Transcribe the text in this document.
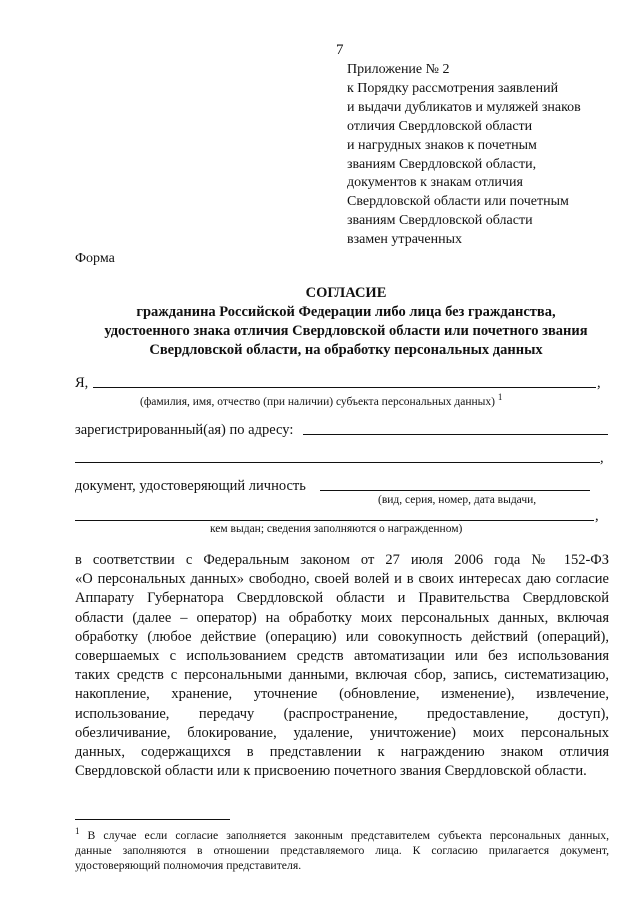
7
Приложение № 2
к Порядку рассмотрения заявлений
и выдачи дубликатов и муляжей знаков
отличия Свердловской области
и нагрудных знаков к почетным
званиям Свердловской области,
документов к знакам отличия
Свердловской области или почетным
званиям Свердловской области
взамен утраченных
Форма
СОГЛАСИЕ
гражданина Российской Федерации либо лица без гражданства,
удостоенного знака отличия Свердловской области или почетного звания
Свердловской области, на обработку персональных данных
Я,	,
(фамилия, имя, отчество (при наличии) субъекта персональных данных) $^1$
зарегистрированный(ая) по адресу:
,
документ, удостоверяющий личность
(вид, серия, номер, дата выдачи,
,
кем выдан; сведения заполняются о награжденном)
в соответствии с Федеральным законом от 27 июля 2006 года № 152-ФЗ
«О персональных данных» свободно, своей волей и в своих интересах даю согласие
Аппарату Губернатора Свердловской области и Правительства Свердловской
области (далее – оператор) на обработку моих персональных данных, включая
обработку (любое действие (операцию) или совокупность действий (операций),
совершаемых с использованием средств автоматизации или без использования
таких средств с персональными данными, включая сбор, запись, систематизацию,
накопление, хранение, уточнение (обновление, изменение), извлечение,
использование, передачу (распространение, предоставление, доступ),
обезличивание, блокирование, удаление, уничтожение) моих персональных
данных, содержащихся в представлении к награждению знаком отличия
Свердловской области или к присвоению почетного звания Свердловской области.
$^1$ В случае если согласие заполняется законным представителем субъекта персональных данных,
данные заполняются в отношении представляемого лица. К согласию прилагается документ,
удостоверяющий полномочия представителя.
